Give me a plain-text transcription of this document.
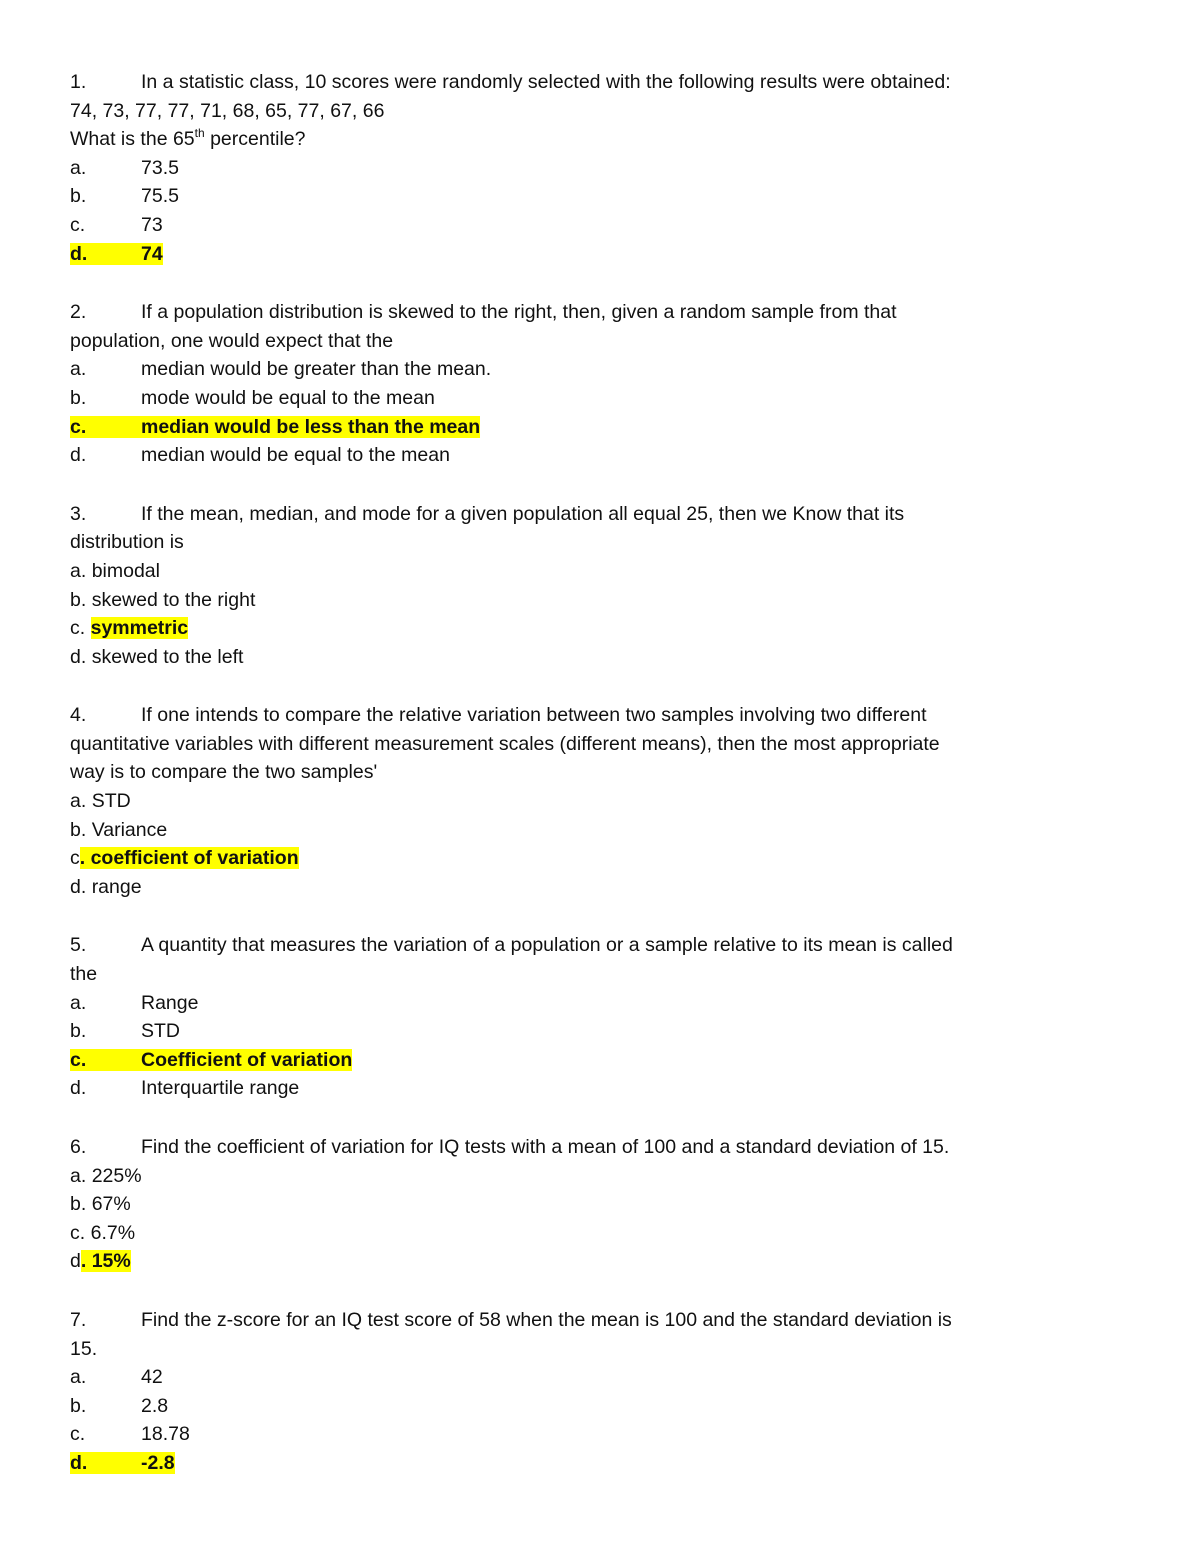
1.	In a statistic class, 10 scores were randomly selected with the following results were obtained:
74, 73, 77, 77, 71, 68, 65, 77, 67, 66
What is the 65th percentile?
a.	73.5
b.	75.5
c.	73
d.	74
2.	If a population distribution is skewed to the right, then, given a random sample from that
population, one would expect that the
a.	median would be greater than the mean.
b.	mode would be equal to the mean
c.	median would be less than the mean
d.	median would be equal to the mean
3.	If the mean, median, and mode for a given population all equal 25, then we Know that its
distribution is
a. bimodal
b. skewed to the right
c. symmetric
d. skewed to the left
4.	If one intends to compare the relative variation between two samples involving two different
quantitative variables with different measurement scales (different means), then the most appropriate
way is to compare the two samples'
a. STD
b. Variance
c. coefficient of variation
d. range
5.	A quantity that measures the variation of a population or a sample relative to its mean is called
the
a.	Range
b.	STD
c.	Coefficient of variation
d.	Interquartile range
6.	Find the coefficient of variation for IQ tests with a mean of 100 and a standard deviation of 15.
a. 225%
b. 67%
c. 6.7%
d. 15%
7.	Find the z-score for an IQ test score of 58 when the mean is 100 and the standard deviation is
15.
a.	42
b.	2.8
c.	18.78
d.	-2.8
